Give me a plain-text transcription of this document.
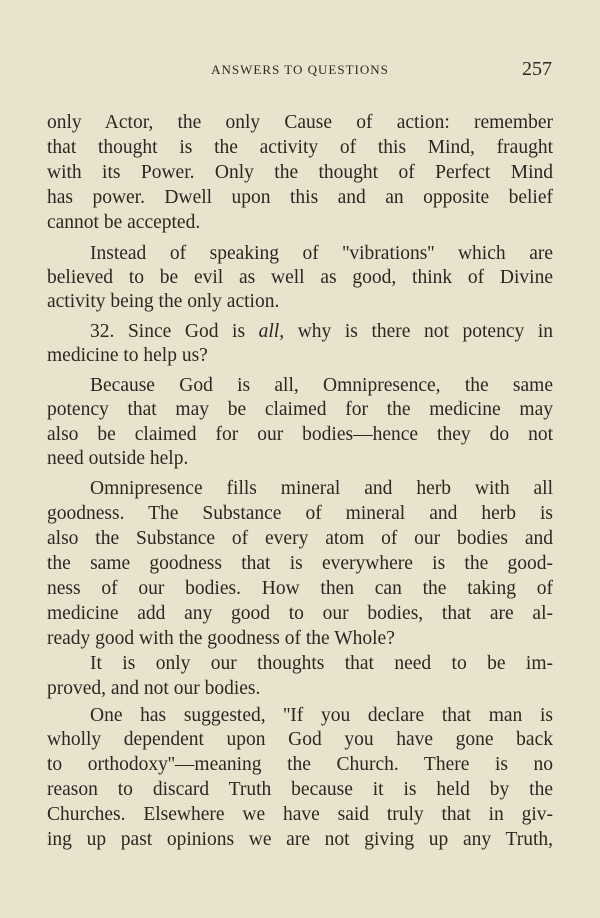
ANSWERS TO QUESTIONS	257
only Actor, the only Cause of action: remember
that thought is the activity of this Mind, fraught
with its Power. Only the thought of Perfect Mind
has power. Dwell upon this and an opposite belief
cannot be accepted.
Instead of speaking of ''vibrations'' which are
believed to be evil as well as good, think of Divine
activity being the only action.
32. Since God is all, why is there not potency in
medicine to help us?
Because God is all, Omnipresence, the same
potency that may be claimed for the medicine may
also be claimed for our bodies—hence they do not
need outside help.
Omnipresence fills mineral and herb with all
goodness. The Substance of mineral and herb is
also the Substance of every atom of our bodies and
the same goodness that is everywhere is the good-
ness of our bodies. How then can the taking of
medicine add any good to our bodies, that are al-
ready good with the goodness of the Whole?
It is only our thoughts that need to be im-
proved, and not our bodies.
One has suggested, ''If you declare that man is
wholly dependent upon God you have gone back
to orthodoxy''—meaning the Church. There is no
reason to discard Truth because it is held by the
Churches. Elsewhere we have said truly that in giv-
ing up past opinions we are not giving up any Truth,
